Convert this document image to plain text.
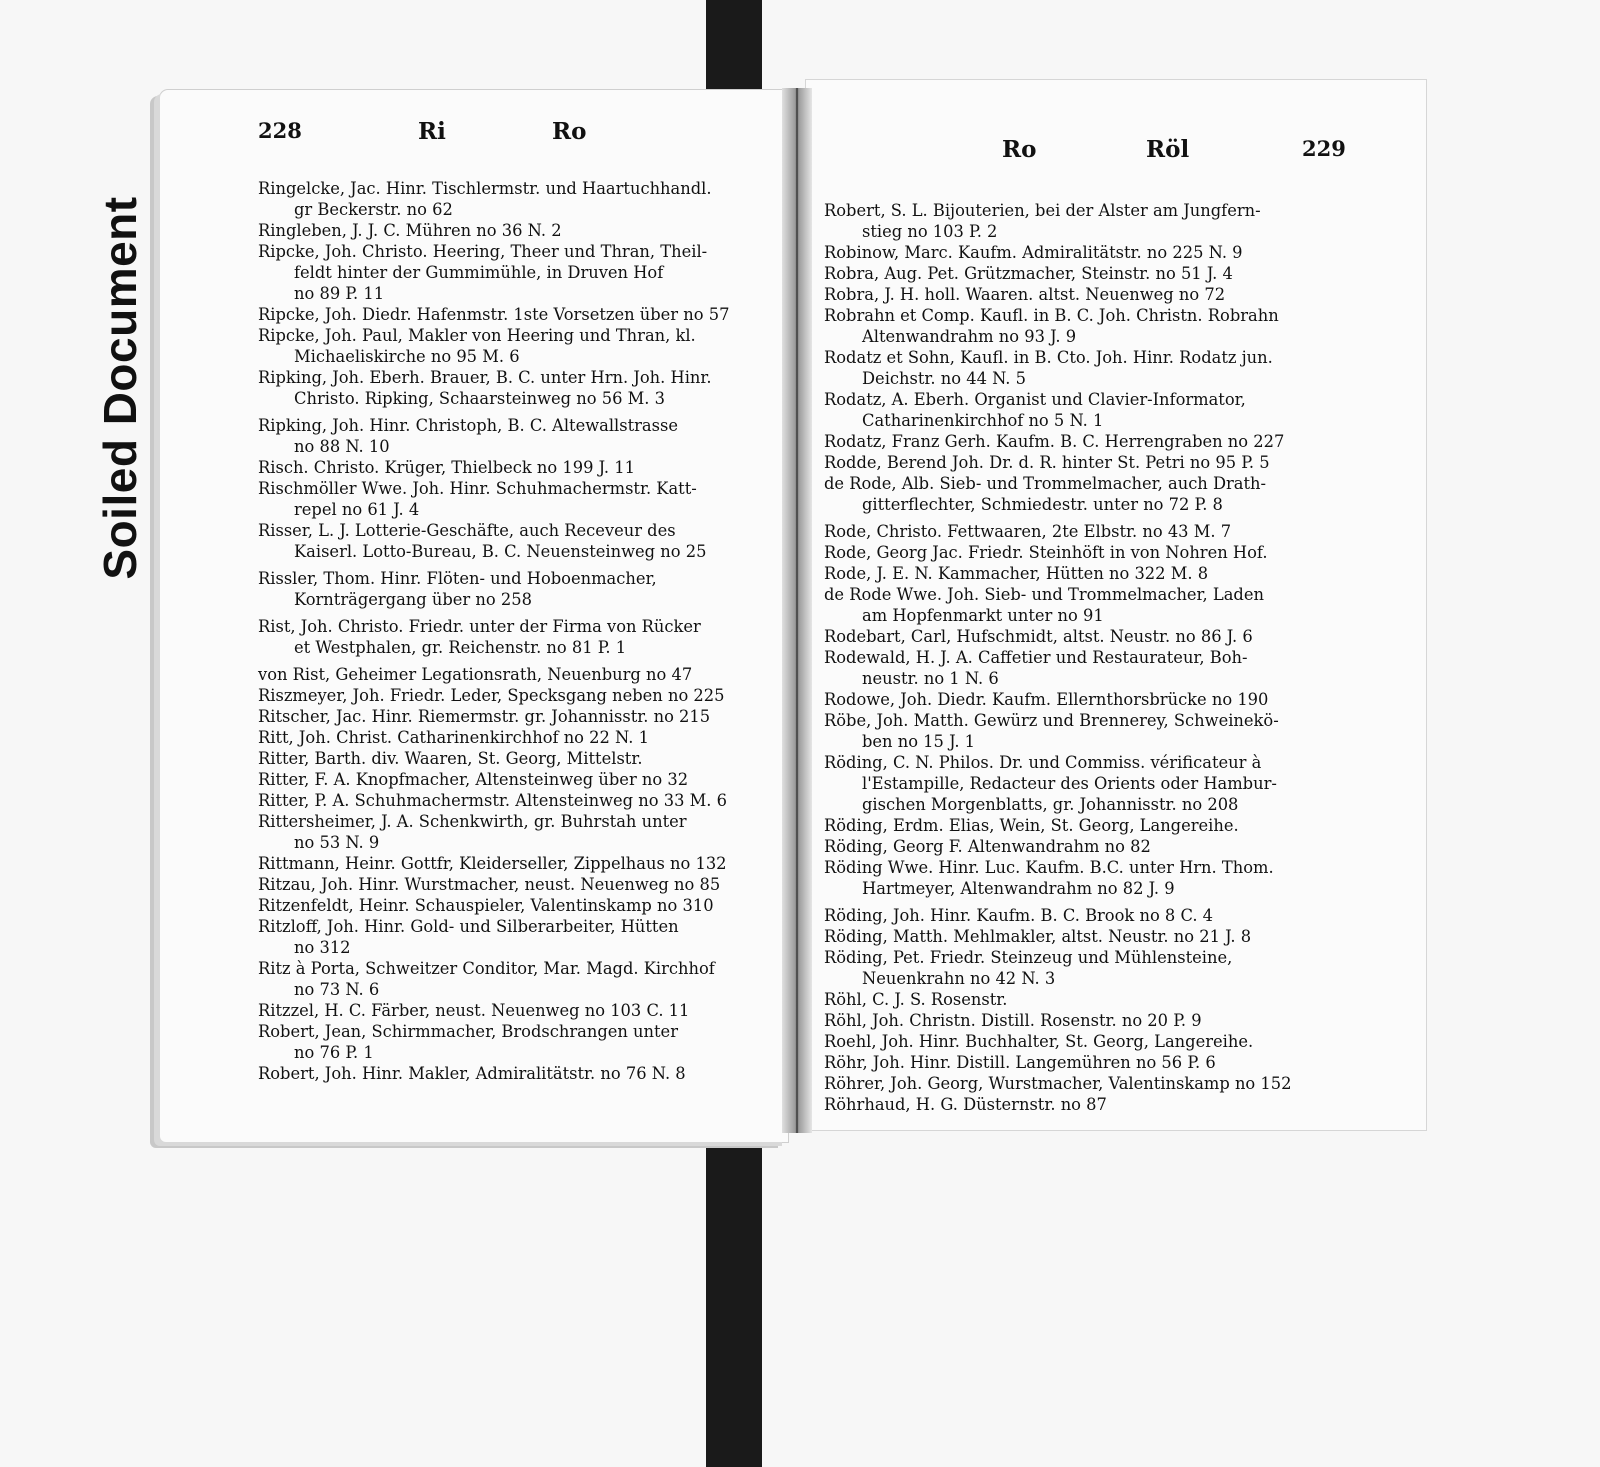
Soiled Document
228	Ri	Ro
Ringelcke, Jac. Hinr. Tischlermstr. und Haartuchhandl.
gr Beckerstr. no 62
Ringleben, J. J. C. Mühren no 36 N. 2
Ripcke, Joh. Christo. Heering, Theer und Thran, Theil-
feldt hinter der Gummimühle, in Druven Hof
no 89 P. 11
Ripcke, Joh. Diedr. Hafenmstr. 1ste Vorsetzen über no 57
Ripcke, Joh. Paul, Makler von Heering und Thran, kl.
Michaeliskirche no 95 M. 6
Ripking, Joh. Eberh. Brauer, B. C. unter Hrn. Joh. Hinr.
Christo. Ripking, Schaarsteinweg no 56 M. 3
Ripking, Joh. Hinr. Christoph, B. C. Altewallstrasse
no 88 N. 10
Risch. Christo. Krüger, Thielbeck no 199 J. 11
Rischmöller Wwe. Joh. Hinr. Schuhmachermstr. Katt-
repel no 61 J. 4
Risser, L. J. Lotterie-Geschäfte, auch Receveur des
Kaiserl. Lotto-Bureau, B. C. Neuensteinweg no 25
Rissler, Thom. Hinr. Flöten- und Hoboenmacher,
Kornträgergang über no 258
Rist, Joh. Christo. Friedr. unter der Firma von Rücker
et Westphalen, gr. Reichenstr. no 81 P. 1
von Rist, Geheimer Legationsrath, Neuenburg no 47
Riszmeyer, Joh. Friedr. Leder, Specksgang neben no 225
Ritscher, Jac. Hinr. Riemermstr. gr. Johannisstr. no 215
Ritt, Joh. Christ. Catharinenkirchhof no 22 N. 1
Ritter, Barth. div. Waaren, St. Georg, Mittelstr.
Ritter, F. A. Knopfmacher, Altensteinweg über no 32
Ritter, P. A. Schuhmachermstr. Altensteinweg no 33 M. 6
Rittersheimer, J. A. Schenkwirth, gr. Buhrstah unter
no 53 N. 9
Rittmann, Heinr. Gottfr, Kleiderseller, Zippelhaus no 132
Ritzau, Joh. Hinr. Wurstmacher, neust. Neuenweg no 85
Ritzenfeldt, Heinr. Schauspieler, Valentinskamp no 310
Ritzloff, Joh. Hinr. Gold- und Silberarbeiter, Hütten
no 312
Ritz à Porta, Schweitzer Conditor, Mar. Magd. Kirchhof
no 73 N. 6
Ritzzel, H. C. Färber, neust. Neuenweg no 103 C. 11
Robert, Jean, Schirmmacher, Brodschrangen unter
no 76 P. 1
Robert, Joh. Hinr. Makler, Admiralitätstr. no 76 N. 8
Ro	Röl	229
Robert, S. L. Bijouterien, bei der Alster am Jungfern-
stieg no 103 P. 2
Robinow, Marc. Kaufm. Admiralitätstr. no 225 N. 9
Robra, Aug. Pet. Grützmacher, Steinstr. no 51 J. 4
Robra, J. H. holl. Waaren. altst. Neuenweg no 72
Robrahn et Comp. Kaufl. in B. C. Joh. Christn. Robrahn
Altenwandrahm no 93 J. 9
Rodatz et Sohn, Kaufl. in B. Cto. Joh. Hinr. Rodatz jun.
Deichstr. no 44 N. 5
Rodatz, A. Eberh. Organist und Clavier-Informator,
Catharinenkirchhof no 5 N. 1
Rodatz, Franz Gerh. Kaufm. B. C. Herrengraben no 227
Rodde, Berend Joh. Dr. d. R. hinter St. Petri no 95 P. 5
de Rode, Alb. Sieb- und Trommelmacher, auch Drath-
gitterflechter, Schmiedestr. unter no 72 P. 8
Rode, Christo. Fettwaaren, 2te Elbstr. no 43 M. 7
Rode, Georg Jac. Friedr. Steinhöft in von Nohren Hof.
Rode, J. E. N. Kammacher, Hütten no 322 M. 8
de Rode Wwe. Joh. Sieb- und Trommelmacher, Laden
am Hopfenmarkt unter no 91
Rodebart, Carl, Hufschmidt, altst. Neustr. no 86 J. 6
Rodewald, H. J. A. Caffetier und Restaurateur, Boh-
neustr. no 1 N. 6
Rodowe, Joh. Diedr. Kaufm. Ellernthorsbrücke no 190
Röbe, Joh. Matth. Gewürz und Brennerey, Schweinekö-
ben no 15 J. 1
Röding, C. N. Philos. Dr. und Commiss. vérificateur à
l'Estampille, Redacteur des Orients oder Hambur-
gischen Morgenblatts, gr. Johannisstr. no 208
Röding, Erdm. Elias, Wein, St. Georg, Langereihe.
Röding, Georg F. Altenwandrahm no 82
Röding Wwe. Hinr. Luc. Kaufm. B.C. unter Hrn. Thom.
Hartmeyer, Altenwandrahm no 82 J. 9
Röding, Joh. Hinr. Kaufm. B. C. Brook no 8 C. 4
Röding, Matth. Mehlmakler, altst. Neustr. no 21 J. 8
Röding, Pet. Friedr. Steinzeug und Mühlensteine,
Neuenkrahn no 42 N. 3
Röhl, C. J. S. Rosenstr.
Röhl, Joh. Christn. Distill. Rosenstr. no 20 P. 9
Roehl, Joh. Hinr. Buchhalter, St. Georg, Langereihe.
Röhr, Joh. Hinr. Distill. Langemühren no 56 P. 6
Röhrer, Joh. Georg, Wurstmacher, Valentinskamp no 152
Röhrhaud, H. G. Düsternstr. no 87
